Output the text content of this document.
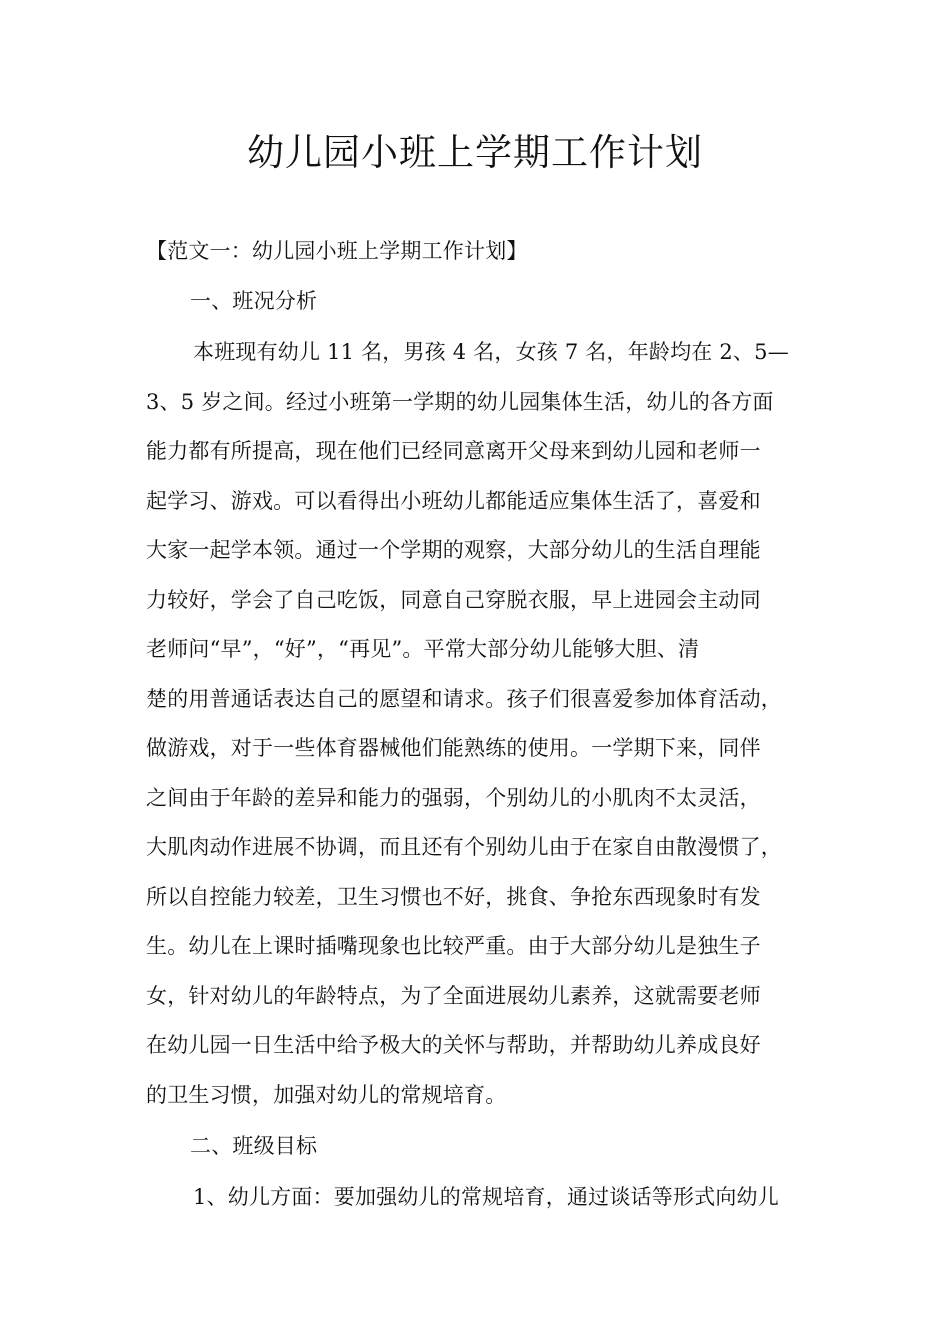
幼儿园小班上学期工作计划
【范文一：幼儿园小班上学期工作计划】
一、班况分析
本班现有幼儿 11 名，男孩 4 名，女孩 7 名，年龄均在 2、5—
3、5 岁之间。经过小班第一学期的幼儿园集体生活，幼儿的各方面
能力都有所提高，现在他们已经同意离开父母来到幼儿园和老师一
起学习、游戏。可以看得出小班幼儿都能适应集体生活了，喜爱和
大家一起学本领。通过一个学期的观察，大部分幼儿的生活自理能
力较好，学会了自己吃饭，同意自己穿脱衣服，早上进园会主动同
老师问“早”，“好”，“再见”。平常大部分幼儿能够大胆、清
楚的用普通话表达自己的愿望和请求。孩子们很喜爱参加体育活动，
做游戏，对于一些体育器械他们能熟练的使用。一学期下来，同伴
之间由于年龄的差异和能力的强弱，个别幼儿的小肌肉不太灵活，
大肌肉动作进展不协调，而且还有个别幼儿由于在家自由散漫惯了，
所以自控能力较差，卫生习惯也不好，挑食、争抢东西现象时有发
生。幼儿在上课时插嘴现象也比较严重。由于大部分幼儿是独生子
女，针对幼儿的年龄特点，为了全面进展幼儿素养，这就需要老师
在幼儿园一日生活中给予极大的关怀与帮助，并帮助幼儿养成良好
的卫生习惯，加强对幼儿的常规培育。
二、班级目标
1、幼儿方面：要加强幼儿的常规培育，通过谈话等形式向幼儿
